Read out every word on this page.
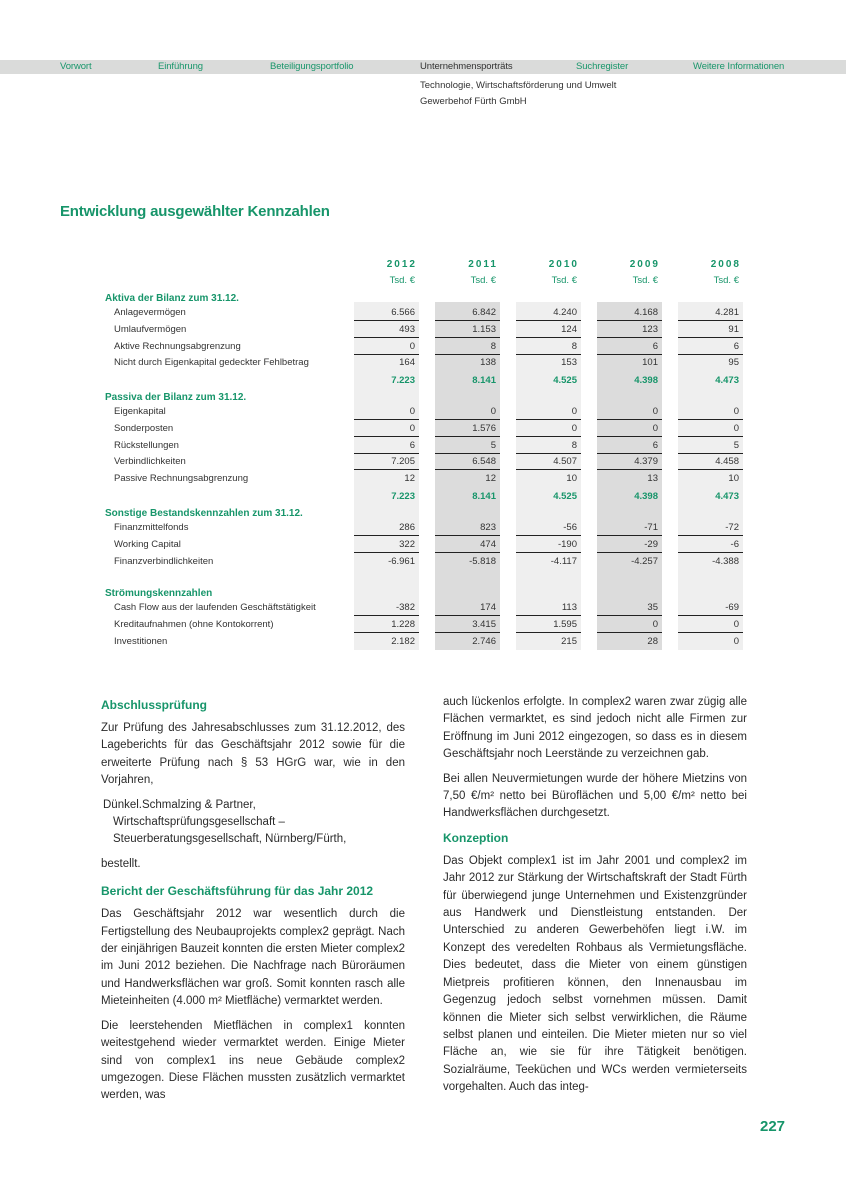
Vorwort	Einführung	Beteiligungsportfolio	Unternehmensporträts	Suchregister	Weitere Informationen
Technologie, Wirtschaftsförderung und Umwelt
Gewerbehof Fürth GmbH
Entwicklung ausgewählter Kennzahlen
2012	2011	2010	2009	2008
Tsd. €	Tsd. €	Tsd. €	Tsd. €	Tsd. €
Aktiva der Bilanz zum 31.12.
Anlagevermögen	6.566	6.842	4.240	4.168	4.281
Umlaufvermögen	493	1.153	124	123	91
Aktive Rechnungsabgrenzung	0	8	8	6	6
Nicht durch Eigenkapital gedeckter Fehlbetrag	164	138	153	101	95
7.223	8.141	4.525	4.398	4.473
Passiva der Bilanz zum 31.12.
Eigenkapital	0	0	0	0	0
Sonderposten	0	1.576	0	0	0
Rückstellungen	6	5	8	6	5
Verbindlichkeiten	7.205	6.548	4.507	4.379	4.458
Passive Rechnungsabgrenzung	12	12	10	13	10
7.223	8.141	4.525	4.398	4.473
Sonstige Bestandskennzahlen zum 31.12.
Finanzmittelfonds	286	823	-56	-71	-72
Working Capital	322	474	-190	-29	-6
Finanzverbindlichkeiten	-6.961	-5.818	-4.117	-4.257	-4.388
Strömungskennzahlen
Cash Flow aus der laufenden Geschäftstätigkeit	-382	174	113	35	-69
Kreditaufnahmen (ohne Kontokorrent)	1.228	3.415	1.595	0	0
Investitionen	2.182	2.746	215	28	0
Abschlussprüfung

Zur Prüfung des Jahresabschlusses zum 31.12.2012, des Lageberichts für das Geschäftsjahr 2012 sowie für die erweiterte Prüfung nach § 53 HGrG war, wie in den Vorjahren,

Dünkel.Schmalzing & Partner, Wirtschaftsprüfungsgesellschaft – Steuerberatungsgesellschaft, Nürnberg/Fürth,

bestellt.

Bericht der Geschäftsführung für das Jahr 2012

Das Geschäftsjahr 2012 war wesentlich durch die Fertigstellung des Neubauprojekts complex2 geprägt. Nach der einjährigen Bauzeit konnten die ersten Mieter complex2 im Juni 2012 beziehen. Die Nachfrage nach Büroräumen und Handwerksflächen war groß. Somit konnten rasch alle Mieteinheiten (4.000 m² Mietfläche) vermarktet werden.

Die leerstehenden Mietflächen in complex1 konnten weitestgehend wieder vermarktet werden. Einige Mieter sind von complex1 ins neue Gebäude complex2 umgezogen. Diese Flächen mussten zusätzlich vermarktet werden, was

auch lückenlos erfolgte. In complex2 waren zwar zügig alle Flächen vermarktet, es sind jedoch nicht alle Firmen zur Eröffnung im Juni 2012 eingezogen, so dass es in diesem Geschäftsjahr noch Leerstände zu verzeichnen gab.

Bei allen Neuvermietungen wurde der höhere Mietzins von 7,50 €/m² netto bei Büroflächen und 5,00 €/m² netto bei Handwerksflächen durchgesetzt.

Konzeption

Das Objekt complex1 ist im Jahr 2001 und complex2 im Jahr 2012 zur Stärkung der Wirtschaftskraft der Stadt Fürth für überwiegend junge Unternehmen und Existenzgründer aus Handwerk und Dienstleistung entstanden. Der Unterschied zu anderen Gewerbehöfen liegt i.W. im Konzept des veredelten Rohbaus als Vermietungsfläche. Dies bedeutet, dass die Mieter von einem günstigen Mietpreis profitieren können, den Innenausbau im Gegenzug jedoch selbst vornehmen müssen. Damit können die Mieter sich selbst verwirklichen, die Räume selbst planen und einteilen. Die Mieter mieten nur so viel Fläche an, wie sie für ihre Tätigkeit benötigen. Sozialräume, Teeküchen und WCs werden vermieterseits vorgehalten. Auch das integ-

227
